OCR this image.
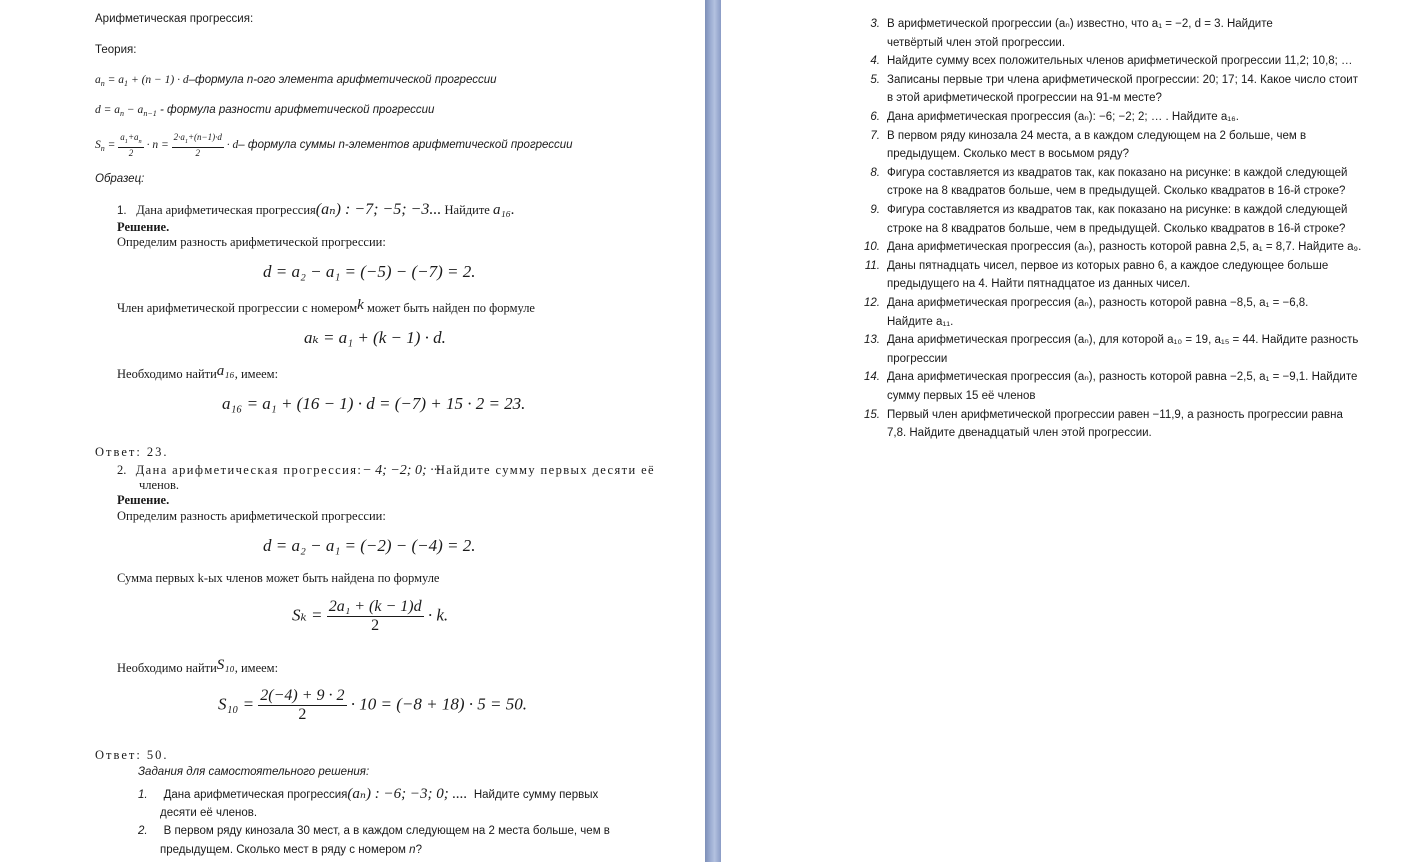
Арифметическая прогрессия:
Теория:
$a_n = a_1 + (n - 1)$ · d–формула n-ого элемента арифметической прогрессии
$d = a_n - a_{n-1}$ - формула разности арифметической прогрессии
$S_n = \frac{a_1+a_n}{2} \cdot n = \frac{2\cdot a_1+(n-1)\cdot d}{2} \cdot d-$ формула суммы n-элементов арифметической прогрессии
Образец:
1. Дана арифметическая прогрессия(aₙ) : −7; −5; −3... Найдите a₁₆.
Решение.
Определим разность арифметической прогрессии:
d = a₂ − a₁ = (−5) − (−7) = 2.
Член арифметической прогрессии с номеромk может быть найден по формуле
aₖ = a₁ + (k − 1) · d.
Необходимо найтиa₁₆, имеем:
a₁₆ = a₁ + (16 − 1) · d = (−7) + 15 · 2 = 23.
Ответ: 23.
2. Дана арифметическая прогрессия:− 4; −2; 0; ···
Найдите сумму первых десяти её
членов.
Решение.
Определим разность арифметической прогрессии:
d = a₂ − a₁ = (−2) − (−4) = 2.
Сумма первых k-ых членов может быть найдена по формуле
$S_k = \frac{\text{2a₁ + (k − 1)d}}{2} \cdot k$.
Необходимо найтиS₁₀, имеем:
$S_{10} = \frac{2(-4) + 9 \cdot 2}{2} \cdot 10 = (-8 + 18) \cdot 5 = 50$.
Ответ: 50.
Задания для самостоятельного решения:
1. Дана арифметическая прогрессия(aₙ) : −6; −3; 0; .... Найдите сумму первых
десяти её членов.
2. В первом ряду кинозала 30 мест, а в каждом следующем на 2 места больше, чем в
предыдущем. Сколько мест в ряду с номером n?
3. В арифметической прогрессии (aₙ) известно, что a₁ = −2, d = 3. Найдите
четвёртый член этой прогрессии.
4. Найдите сумму всех положительных членов арифметической прогрессии 11,2; 10,8; …
5. Записаны первые три члена арифметической прогрессии: 20; 17; 14. Какое число стоит
в этой арифметической прогрессии на 91-м месте?
6. Дана арифметическая прогрессия (aₙ): −6; −2; 2; … . Найдите a₁₆.
7. В первом ряду кинозала 24 места, а в каждом следующем на 2 больше, чем в
предыдущем. Сколько мест в восьмом ряду?
8. Фигура составляется из квадратов так, как показано на рисунке: в каждой следующей
строке на 8 квадратов больше, чем в предыдущей. Сколько квадратов в 16-й строке?
9. Фигура составляется из квадратов так, как показано на рисунке: в каждой следующей
строке на 8 квадратов больше, чем в предыдущей. Сколько квадратов в 16-й строке?
10. Дана арифметическая прогрессия (aₙ), разность которой равна 2,5, a₁ = 8,7. Найдите a₉.
11. Даны пятнадцать чисел, первое из которых равно 6, а каждое следующее больше
предыдущего на 4. Найти пятнадцатое из данных чисел.
12. Дана арифметическая прогрессия (aₙ), разность которой равна −8,5, a₁ = −6,8.
Найдите a₁₁.
13. Дана арифметическая прогрессия (aₙ), для которой a₁₀ = 19, a₁₅ = 44. Найдите разность
прогрессии
14. Дана арифметическая прогрессия (aₙ), разность которой равна −2,5, a₁ = −9,1. Найдите
сумму первых 15 её членов
15. Первый член арифметической прогрессии равен −11,9, а разность прогрессии равна
7,8. Найдите двенадцатый член этой прогрессии.
